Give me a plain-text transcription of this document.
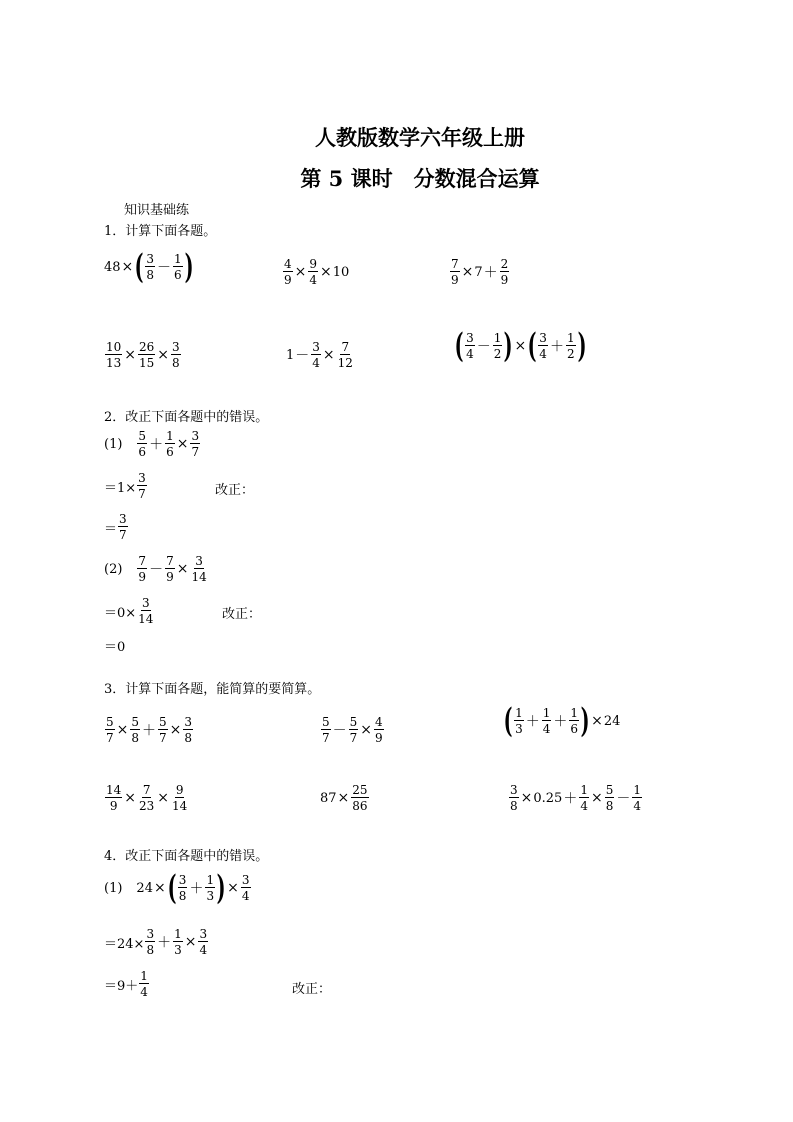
人教版数学六年级上册
第 5 课时　分数混合运算
知识基础练
1．计算下面各题。
48 × ( $\frac{3}{8} - \frac{1}{6}$ )	$\frac{4}{9} \times \frac{9}{4} \times 10$	$\frac{7}{9} \times 7 + \frac{2}{9}$
$\frac{10}{13} \times \frac{26}{15} \times \frac{3}{8}$	$1 - \frac{3}{4} \times \frac{7}{12}$	( $\frac{3}{4} - \frac{1}{2}$ ) × ( $\frac{3}{4} + \frac{1}{2}$ )
2．改正下面各题中的错误。
$(1) \frac{5}{6} + \frac{1}{6} \times \frac{3}{7}$
$=1\times \frac{3}{7}$	改正：
＝ $\frac{3}{7}$
$(2) \frac{7}{9} - \frac{7}{9} \times \frac{3}{14}$
$=0\times \frac{3}{14}$	改正：
＝0
3．计算下面各题，能简算的要简算。
$\frac{5}{7} \times \frac{5}{8} + \frac{5}{7} \times \frac{3}{8}$	$\frac{5}{7} - \frac{5}{7} \times \frac{4}{9}$	( $\frac{1}{3} + \frac{1}{4} + \frac{1}{6}$ ) × 24
$\frac{14}{9} \times \frac{7}{23} \times \frac{9}{14}$	$87 \times \frac{25}{86}$	$\frac{3}{8} \times 0.25 + \frac{1}{4} \times \frac{5}{8} - \frac{1}{4}$
4．改正下面各题中的错误。
(1) 24 × ( $\frac{3}{8} + \frac{1}{3}$ ) × $\frac{3}{4}$
$=24\times \frac{3}{8} + \frac{1}{3} \times \frac{3}{4}$
$=9+ \frac{1}{4}$	改正：
